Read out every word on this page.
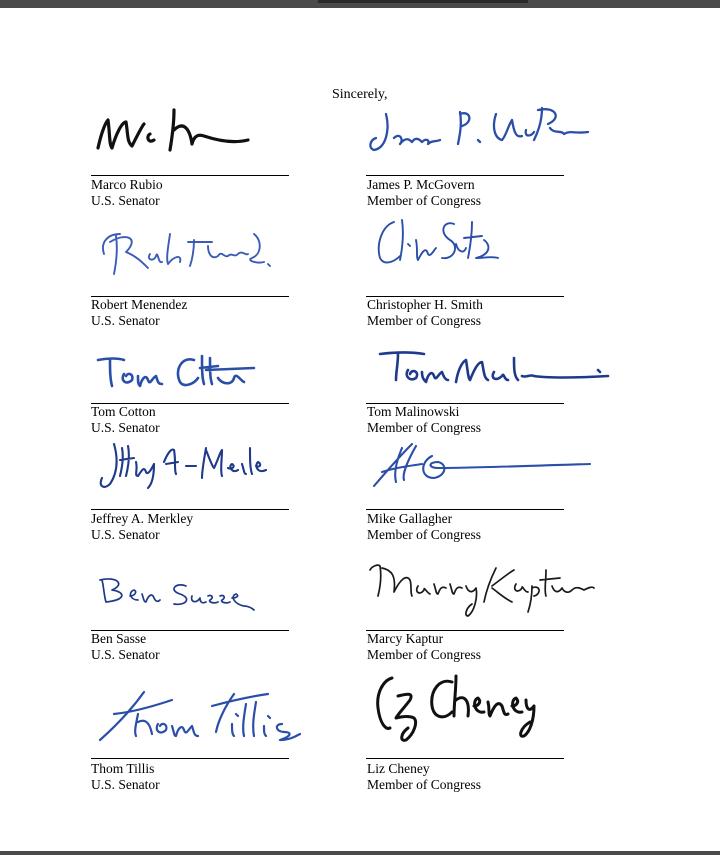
Sincerely,
Marco Rubio
U.S. Senator
James P. McGovern
Member of Congress
Robert Menendez
U.S. Senator
Christopher H. Smith
Member of Congress
Tom Cotton
U.S. Senator
Tom Malinowski
Member of Congress
Jeffrey A. Merkley
U.S. Senator
Mike Gallagher
Member of Congress
Ben Sasse
U.S. Senator
Marcy Kaptur
Member of Congress
Thom Tillis
U.S. Senator
Liz Cheney
Member of Congress
